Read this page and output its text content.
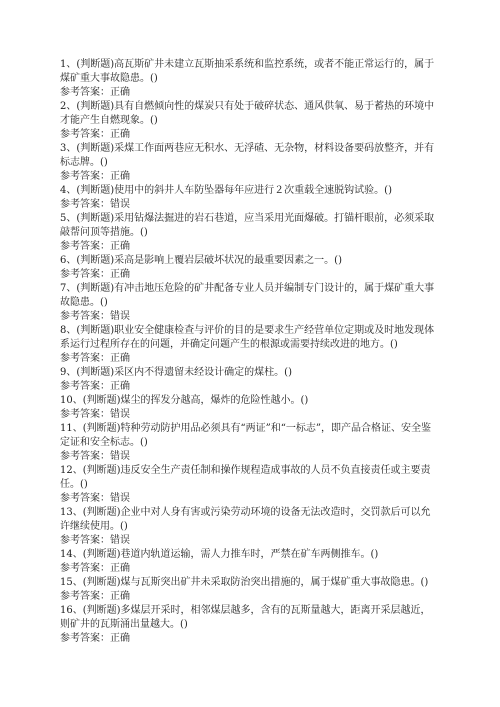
1、(判断题)高瓦斯矿井未建立瓦斯抽采系统和监控系统，或者不能正常运行的，属于煤矿重大事故隐患。()

参考答案：正确

2、(判断题)具有自燃倾向性的煤炭只有处于破碎状态、通风供氧、易于蓄热的环境中才能产生自燃现象。()

参考答案：正确

3、(判断题)采煤工作面两巷应无积水、无浮碴、无杂物，材料设备要码放整齐，并有标志牌。()

参考答案：正确

4、(判断题)使用中的斜井人车防坠器每年应进行２次重载全速脱钩试验。()

参考答案：错误

5、(判断题)采用钻爆法掘进的岩石巷道，应当采用光面爆破。打锚杆眼前，必须采取敲帮问顶等措施。()

参考答案：正确

6、(判断题)采高是影响上覆岩层破坏状况的最重要因素之一。()

参考答案：正确

7、(判断题)有冲击地压危险的矿井配备专业人员并编制专门设计的，属于煤矿重大事故隐患。()

参考答案：错误

8、(判断题)职业安全健康检查与评价的目的是要求生产经营单位定期或及时地发现体系运行过程所存在的问题，并确定问题产生的根源或需要持续改进的地方。()

参考答案：正确

9、(判断题)采区内不得遗留未经设计确定的煤柱。()

参考答案：正确

10、(判断题)煤尘的挥发分越高，爆炸的危险性越小。()

参考答案：错误

11、(判断题)特种劳动防护用品必须具有“两证”和“一标志”，即产品合格证、安全鉴定证和安全标志。()

参考答案：错误

12、(判断题)违反安全生产责任制和操作规程造成事故的人员不负直接责任或主要责任。()

参考答案：错误

13、(判断题)企业中对人身有害或污染劳动环境的设备无法改造时，交罚款后可以允许继续使用。()

参考答案：错误

14、(判断题)巷道内轨道运输，需人力推车时，严禁在矿车两侧推车。()

参考答案：正确

15、(判断题)煤与瓦斯突出矿井未采取防治突出措施的，属于煤矿重大事故隐患。()

参考答案：正确

16、(判断题)多煤层开采时，相邻煤层越多，含有的瓦斯量越大，距离开采层越近，则矿井的瓦斯涌出量越大。()

参考答案：正确
